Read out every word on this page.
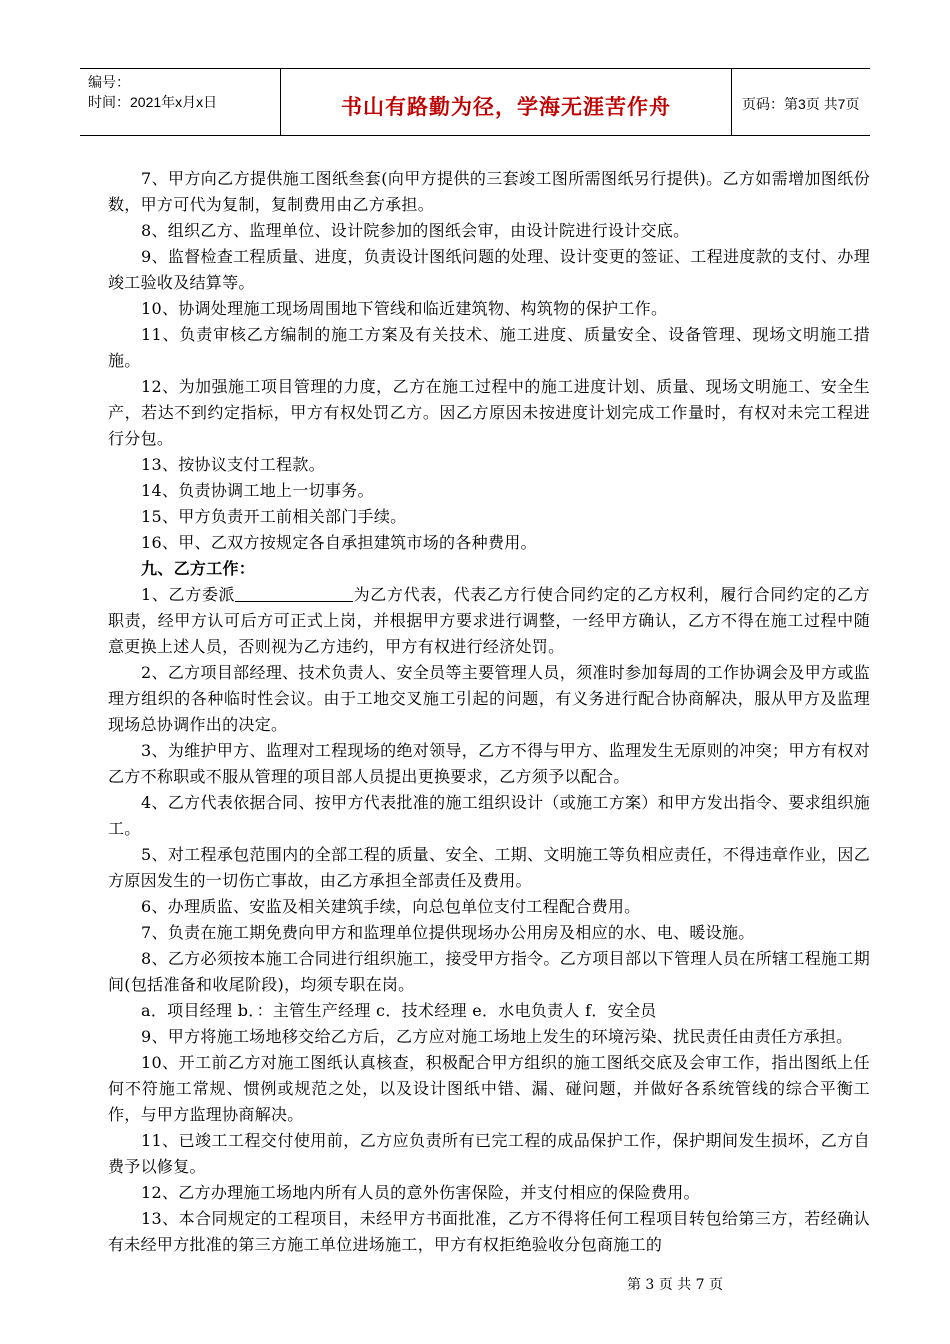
编号：
时间：2021年x月x日	书山有路勤为径，学海无涯苦作舟	页码：第3页 共7页

7、甲方向乙方提供施工图纸叁套(向甲方提供的三套竣工图所需图纸另行提供)。乙方如需增加图纸份数，甲方可代为复制，复制费用由乙方承担。

8、组织乙方、监理单位、设计院参加的图纸会审，由设计院进行设计交底。

9、监督检查工程质量、进度，负责设计图纸问题的处理、设计变更的签证、工程进度款的支付、办理竣工验收及结算等。

10、协调处理施工现场周围地下管线和临近建筑物、构筑物的保护工作。

11、负责审核乙方编制的施工方案及有关技术、施工进度、质量安全、设备管理、现场文明施工措施。

12、为加强施工项目管理的力度，乙方在施工过程中的施工进度计划、质量、现场文明施工、安全生产，若达不到约定指标，甲方有权处罚乙方。因乙方原因未按进度计划完成工作量时，有权对未完工程进行分包。

13、按协议支付工程款。

14、负责协调工地上一切事务。

15、甲方负责开工前相关部门手续。

16、甲、乙双方按规定各自承担建筑市场的各种费用。

九、乙方工作：

1、乙方委派	为乙方代表，代表乙方行使合同约定的乙方权利，履行合同约定的乙方职责，经甲方认可后方可正式上岗，并根据甲方要求进行调整，一经甲方确认，乙方不得在施工过程中随意更换上述人员，否则视为乙方违约，甲方有权进行经济处罚。

2、乙方项目部经理、技术负责人、安全员等主要管理人员，须准时参加每周的工作协调会及甲方或监理方组织的各种临时性会议。由于工地交叉施工引起的问题，有义务进行配合协商解决，服从甲方及监理现场总协调作出的决定。

3、为维护甲方、监理对工程现场的绝对领导，乙方不得与甲方、监理发生无原则的冲突；甲方有权对乙方不称职或不服从管理的项目部人员提出更换要求，乙方须予以配合。

4、乙方代表依据合同、按甲方代表批准的施工组织设计（或施工方案）和甲方发出指令、要求组织施工。

5、对工程承包范围内的全部工程的质量、安全、工期、文明施工等负相应责任，不得违章作业，因乙方原因发生的一切伤亡事故，由乙方承担全部责任及费用。

6、办理质监、安监及相关建筑手续，向总包单位支付工程配合费用。

7、负责在施工期免费向甲方和监理单位提供现场办公用房及相应的水、电、暖设施。

8、乙方必须按本施工合同进行组织施工，接受甲方指令。乙方项目部以下管理人员在所辖工程施工期间(包括准备和收尾阶段)，均须专职在岗。

a．项目经理 b．：主管生产经理 c．技术经理 e．水电负责人 f．安全员

9、甲方将施工场地移交给乙方后，乙方应对施工场地上发生的环境污染、扰民责任由责任方承担。

10、开工前乙方对施工图纸认真核查，积极配合甲方组织的施工图纸交底及会审工作，指出图纸上任何不符施工常规、惯例或规范之处，以及设计图纸中错、漏、碰问题，并做好各系统管线的综合平衡工作，与甲方监理协商解决。

11、已竣工工程交付使用前，乙方应负责所有已完工程的成品保护工作，保护期间发生损坏，乙方自费予以修复。

12、乙方办理施工场地内所有人员的意外伤害保险，并支付相应的保险费用。

13、本合同规定的工程项目，未经甲方书面批准，乙方不得将任何工程项目转包给第三方，若经确认有未经甲方批准的第三方施工单位进场施工，甲方有权拒绝验收分包商施工的

第 3 页 共 7 页
